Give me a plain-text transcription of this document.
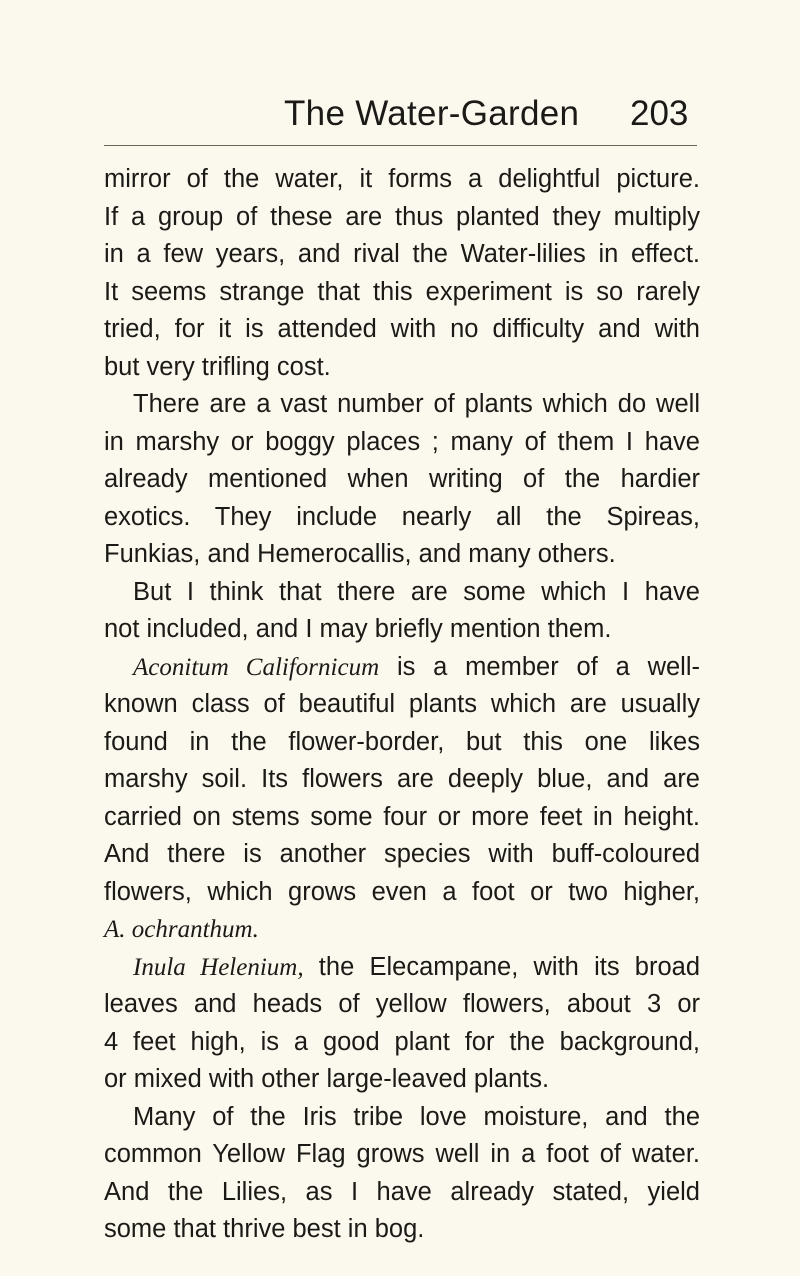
The Water-Garden 203
mirror of the water, it forms a delightful picture.
If a group of these are thus planted they multiply
in a few years, and rival the Water-lilies in effect.
It seems strange that this experiment is so rarely
tried, for it is attended with no difficulty and with
but very trifling cost.
There are a vast number of plants which do well
in marshy or boggy places ; many of them I have
already mentioned when writing of the hardier
exotics. They include nearly all the Spireas,
Funkias, and Hemerocallis, and many others.
But I think that there are some which I have
not included, and I may briefly mention them.
Aconitum Californicum is a member of a well-
known class of beautiful plants which are usually
found in the flower-border, but this one likes
marshy soil. Its flowers are deeply blue, and are
carried on stems some four or more feet in height.
And there is another species with buff-coloured
flowers, which grows even a foot or two higher,
A. ochranthum.
Inula Helenium, the Elecampane, with its broad
leaves and heads of yellow flowers, about 3 or
4 feet high, is a good plant for the background,
or mixed with other large-leaved plants.
Many of the Iris tribe love moisture, and the
common Yellow Flag grows well in a foot of water.
And the Lilies, as I have already stated, yield
some that thrive best in bog.
